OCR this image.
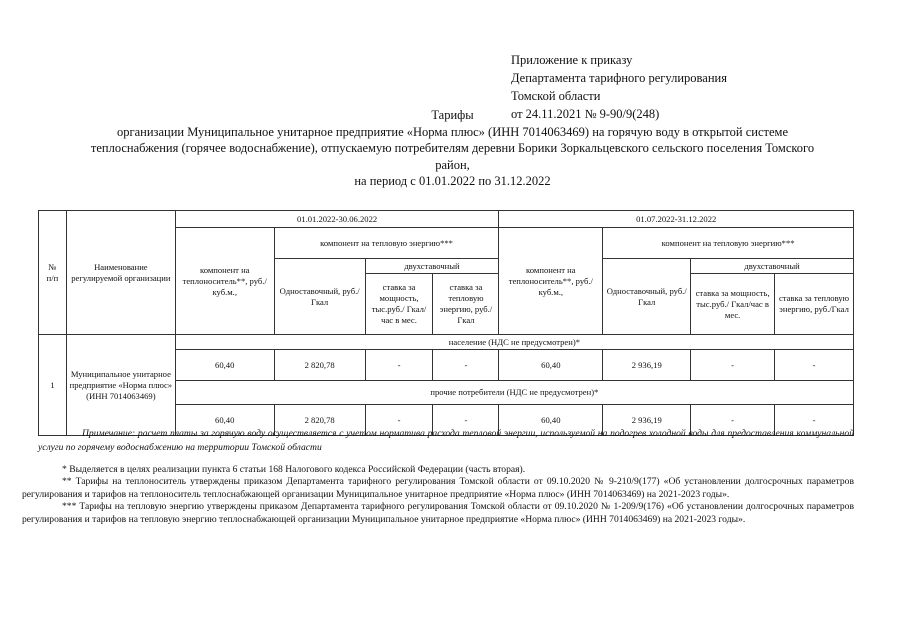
Приложение к приказу
Департамента тарифного регулирования
Томской области
от 24.11.2021 № 9-90/9(248)
Тарифы
организации Муниципальное унитарное предприятие «Норма плюс» (ИНН 7014063469) на горячую воду в открытой системе
теплоснабжения (горячее водоснабжение), отпускаемую потребителям деревни Борики Зоркальцевского сельского поселения Томского
район,
на период с 01.01.2022 по 31.12.2022
№
п/п	Наименование регулируемой организации	01.01.2022-30.06.2022				01.07.2022-31.12.2022			
		компонент на теплоноситель**, руб./куб.м.,	компонент на тепловую энергию***			компонент на теплоноситель**, руб./куб.м.,	компонент на тепловую энергию***		
			Одноставочный, руб./Гкал	двухставочный			Одноставочный, руб./Гкал	двухставочный	
				ставка за мощность, тыс.руб./ Гкал/час в мес.	ставка за тепловую энергию, руб./Гкал			ставка за мощность, тыс.руб./ Гкал/час в мес.	ставка за тепловую энергию, руб./Гкал
1	Муниципальное унитарное предприятие «Норма плюс» (ИНН 7014063469)	население (НДС не предусмотрен)*							
		60,40	2 820,78	-	-	60,40	2 936,19	-	-
		прочие потребители (НДС не предусмотрен)*							
		60,40	2 820,78	-	-	60,40	2 936,19	-	-
Примечание: расчет платы за горячую воду осуществляется с учетом норматива расхода тепловой энергии, используемой на подогрев холодной воды для предоставления коммунальной услуги по горячему водоснабжению на территории Томской области

* Выделяется в целях реализации пункта 6 статьи 168 Налогового кодекса Российской Федерации (часть вторая).

** Тарифы на теплоноситель утверждены приказом Департамента тарифного регулирования Томской области от 09.10.2020 № 9-210/9(177) «Об установлении долгосрочных параметров регулирования и тарифов на теплоноситель теплоснабжающей организации Муниципальное унитарное предприятие «Норма плюс» (ИНН 7014063469) на 2021-2023 годы».

*** Тарифы на тепловую энергию утверждены приказом Департамента тарифного регулирования Томской области от 09.10.2020 № 1-209/9(176) «Об установлении долгосрочных параметров регулирования и тарифов на тепловую энергию теплоснабжающей организации Муниципальное унитарное предприятие «Норма плюс» (ИНН 7014063469) на 2021-2023 годы».
